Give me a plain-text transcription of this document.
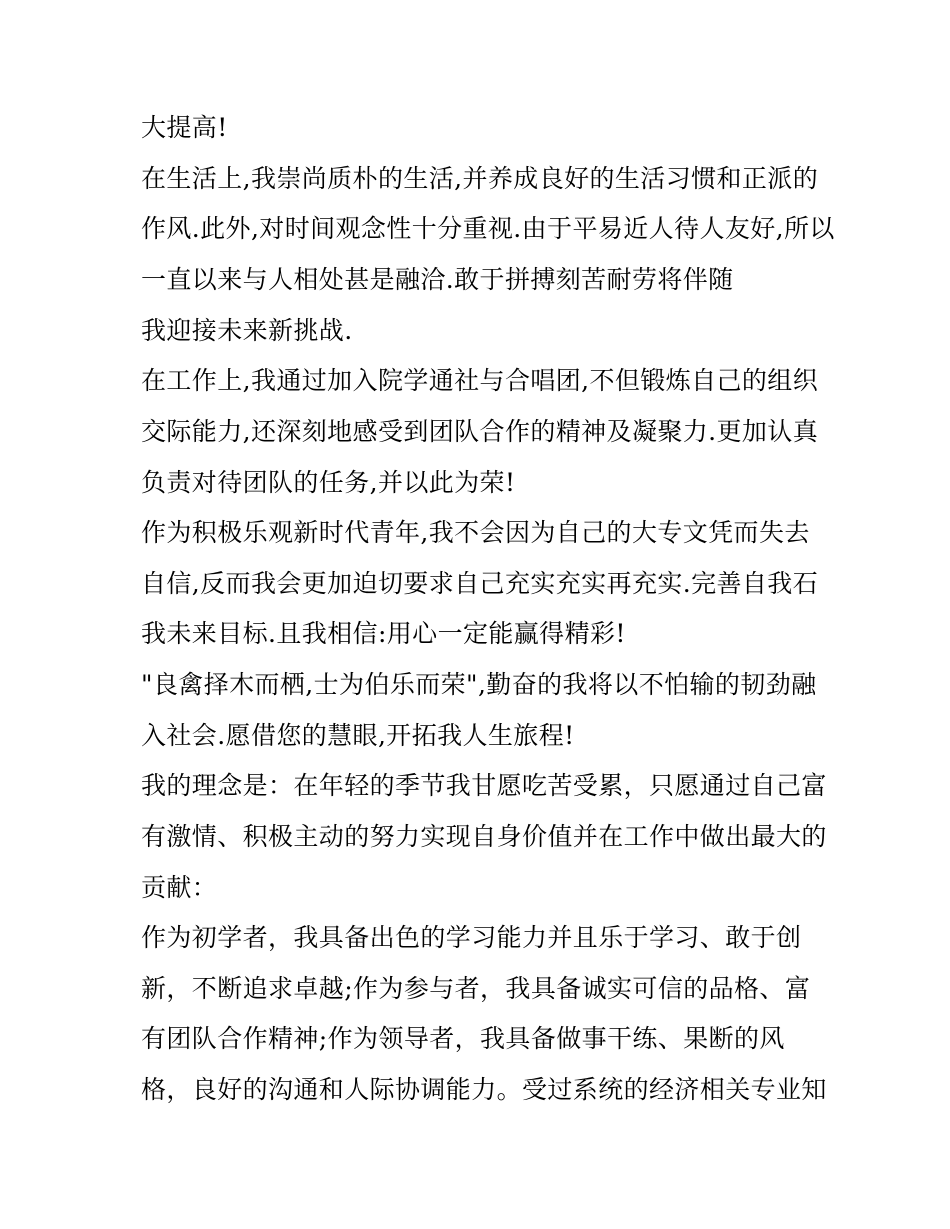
大提高!

在生活上,我崇尚质朴的生活,并养成良好的生活习惯和正派的

作风.此外,对时间观念性十分重视.由于平易近人待人友好,所以

一直以来与人相处甚是融洽.敢于拼搏刻苦耐劳将伴随

我迎接未来新挑战.

在工作上,我通过加入院学通社与合唱团,不但锻炼自己的组织

交际能力,还深刻地感受到团队合作的精神及凝聚力.更加认真

负责对待团队的任务,并以此为荣!

作为积极乐观新时代青年,我不会因为自己的大专文凭而失去

自信,反而我会更加迫切要求自己充实充实再充实.完善自我石

我未来目标.且我相信:用心一定能赢得精彩!

"良禽择木而栖,士为伯乐而荣",勤奋的我将以不怕输的韧劲融

入社会.愿借您的慧眼,开拓我人生旅程!

我的理念是：在年轻的季节我甘愿吃苦受累，只愿通过自己富

有激情、积极主动的努力实现自身价值并在工作中做出最大的

贡献：

作为初学者，我具备出色的学习能力并且乐于学习、敢于创

新，不断追求卓越;作为参与者，我具备诚实可信的品格、富

有团队合作精神;作为领导者，我具备做事干练、果断的风

格，良好的沟通和人际协调能力。受过系统的经济相关专业知
